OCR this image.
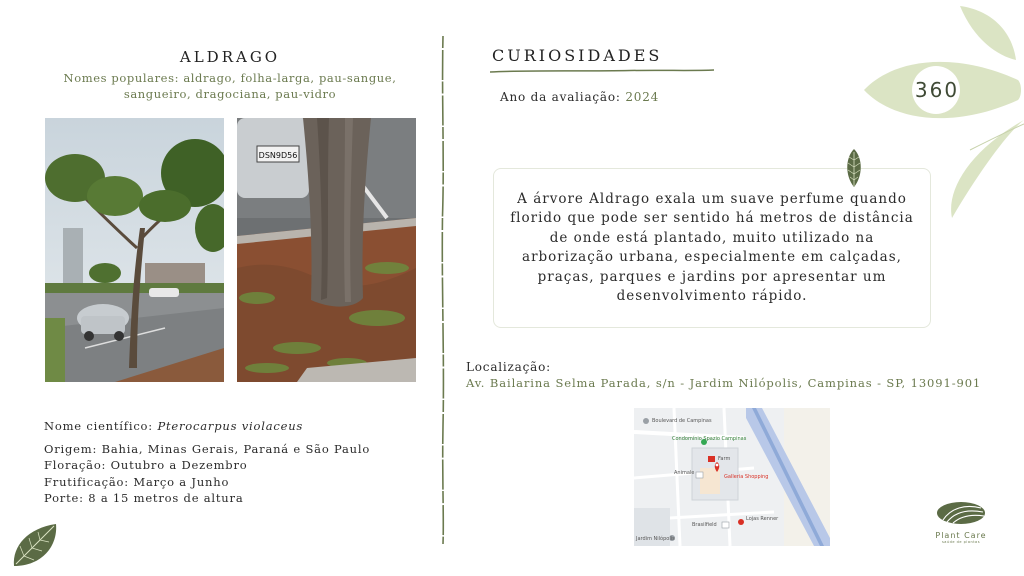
ALDRAGO
Nomes populares: aldrago, folha-larga, pau-sangue, sangueiro, dragociana, pau-vidro
DSN9D56
Nome científico: Pterocarpus violaceus
Origem: Bahia, Minas Gerais, Paraná e São Paulo
Floração: Outubro a Dezembro
Frutificação: Março a Junho
Porte: 8 a 15 metros de altura
CURIOSIDADES
Ano da avaliação: 2024

A árvore Aldrago exala um suave perfume quando florido que pode ser sentido há metros de distância de onde está plantado, muito utilizado na arborização urbana, especialmente em calçadas, praças, parques e jardins por apresentar um desenvolvimento rápido.

Localização:
Av. Bailarina Selma Parada, s/n - Jardim Nilópolis, Campinas - SP, 13091-901
Boulevard de Campinas
Condomínio Spazio Campinas
Farm
Galleria Shopping
Animale
Lojas Renner
Brasilfield
Jardim Nilópolis
360
Plant Care
saúde de plantas
